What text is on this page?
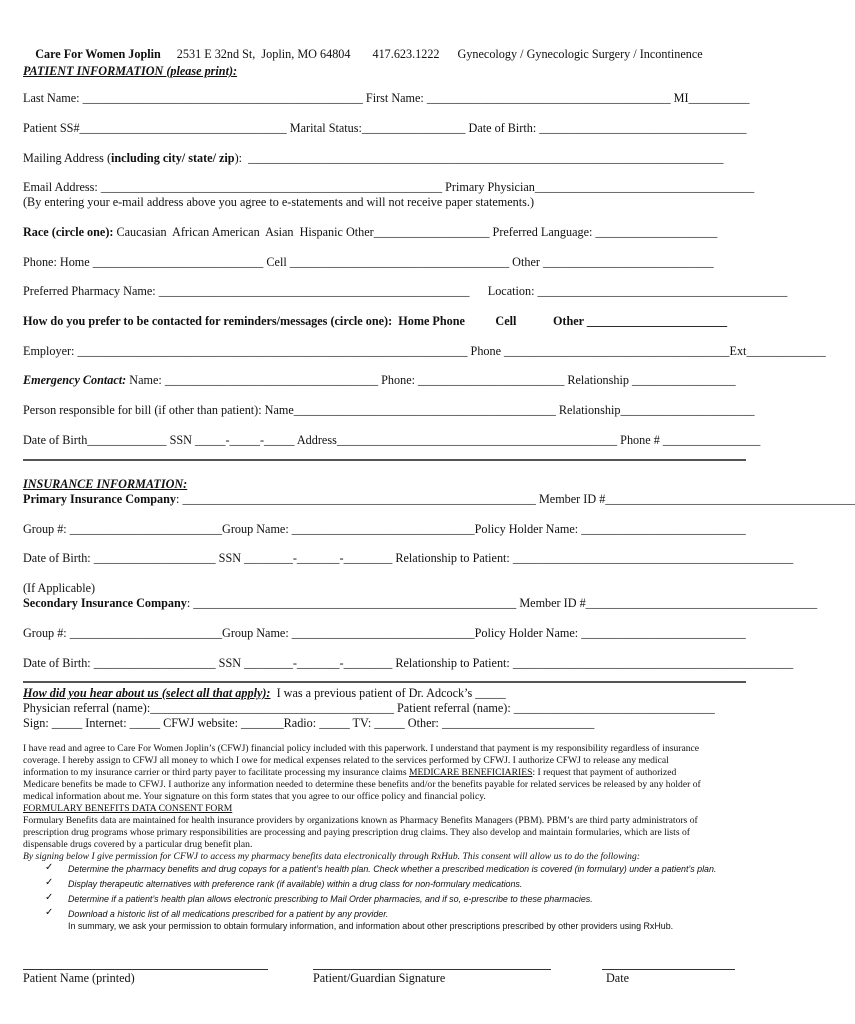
Care For Women Joplin 2531 E 32nd St,  Joplin, MO 64804 417.623.1222 Gynecology / Gynecologic Surgery / Incontinence

PATIENT INFORMATION (please print):
Last Name: ______________________________________________ First Name: ________________________________________ MI__________
Patient SS#__________________________________ Marital Status:_________________ Date of Birth: __________________________________
Mailing Address (including city/ state/ zip):  ______________________________________________________________________________
Email Address: ________________________________________________________ Primary Physician____________________________________
(By entering your e-mail address above you agree to e-statements and will not receive paper statements.)
Race (circle one): Caucasian  African American  Asian  Hispanic Other___________________ Preferred Language: ____________________
Phone: Home ____________________________ Cell ____________________________________ Other ____________________________
Preferred Pharmacy Name: ___________________________________________________      Location: _________________________________________
How do you prefer to be contacted for reminders/messages (circle one):  Home Phone          Cell            Other _______________________
Employer: ________________________________________________________________ Phone _____________________________________Ext_____________
Emergency Contact: Name: ___________________________________ Phone: ________________________ Relationship _________________
Person responsible for bill (if other than patient): Name___________________________________________ Relationship______________________
Date of Birth_____________ SSN _____-_____-_____ Address______________________________________________ Phone # ________________
INSURANCE INFORMATION:
Primary Insurance Company: __________________________________________________________ Member ID #_________________________________________
Group #: _________________________Group Name: ______________________________Policy Holder Name: ___________________________
Date of Birth: ____________________ SSN ________-_______-________ Relationship to Patient: ______________________________________________
(If Applicable)
Secondary Insurance Company: _____________________________________________________ Member ID #______________________________________
Group #: _________________________Group Name: ______________________________Policy Holder Name: ___________________________
Date of Birth: ____________________ SSN ________-_______-________ Relationship to Patient: ______________________________________________
How did you hear about us (select all that apply):  I was a previous patient of Dr. Adcock’s _____
Physician referral (name):________________________________________ Patient referral (name): _________________________________
Sign: _____ Internet: _____ CFWJ website: _______Radio: _____ TV: _____ Other: _________________________
I have read and agree to Care For Women Joplin’s (CFWJ) financial policy included with this paperwork. I understand that payment is my responsibility regardless of insurance
coverage. I hereby assign to CFWJ all money to which I owe for medical expenses related to the services performed by CFWJ. I authorize CFWJ to release any medical
information to my insurance carrier or third party payer to facilitate processing my insurance claims MEDICARE BENEFICIARIES: I request that payment of authorized
Medicare benefits be made to CFWJ. I authorize any information needed to determine these benefits and/or the benefits payable for related services be released by any holder of
medical information about me. Your signature on this form states that you agree to our office policy and financial policy.
FORMULARY BENEFITS DATA CONSENT FORM
Formulary Benefits data are maintained for health insurance providers by organizations known as Pharmacy Benefits Managers (PBM). PBM’s are third party administrators of
prescription drug programs whose primary responsibilities are processing and paying prescription drug claims. They also develop and maintain formularies, which are lists of
dispensable drugs covered by a particular drug benefit plan.
By signing below I give permission for CFWJ to access my pharmacy benefits data electronically through RxHub. This consent will allow us to do the following:
✓ Determine the pharmacy benefits and drug copays for a patient’s health plan. Check whether a prescribed medication is covered (in formulary) under a patient’s plan.
✓ Display therapeutic alternatives with preference rank (if available) within a drug class for non-formulary medications.
✓ Determine if a patient’s health plan allows electronic prescribing to Mail Order pharmacies, and if so, e-prescribe to these pharmacies.
✓ Download a historic list of all medications prescribed for a patient by any provider.
In summary, we ask your permission to obtain formulary information, and information about other prescriptions prescribed by other providers using RxHub.
Patient Name (printed)	Patient/Guardian Signature	Date
